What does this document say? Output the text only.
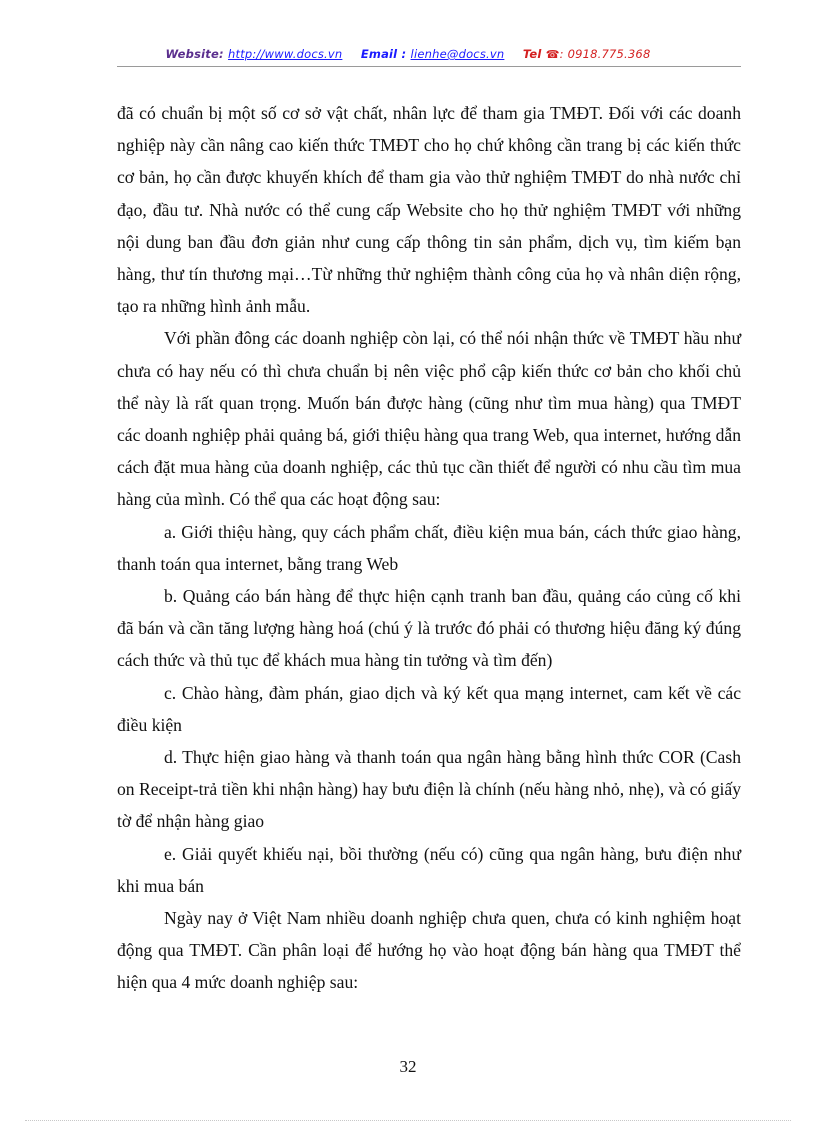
Website: http://www.docs.vn Email : lienhe@docs.vn Tel ☎: 0918.775.368

đã có chuẩn bị một số cơ sở vật chất, nhân lực để tham gia TMĐT. Đối với các doanh nghiệp này cần nâng cao kiến thức TMĐT cho họ chứ không cần trang bị các kiến thức cơ bản, họ cần được khuyến khích để tham gia vào thử nghiệm TMĐT do nhà nước chỉ đạo, đầu tư. Nhà nước có thể cung cấp Website cho họ thử nghiệm TMĐT với những nội dung ban đầu đơn giản như cung cấp thông tin sản phẩm, dịch vụ, tìm kiếm bạn hàng, thư tín thương mại…Từ những thử nghiệm thành công của họ và nhân diện rộng, tạo ra những hình ảnh mẫu.

Với phần đông các doanh nghiệp còn lại, có thể nói nhận thức về TMĐT hầu như chưa có hay nếu có thì chưa chuẩn bị nên việc phổ cập kiến thức cơ bản cho khối chủ thể này là rất quan trọng. Muốn bán được hàng (cũng như tìm mua hàng) qua TMĐT các doanh nghiệp phải quảng bá, giới thiệu hàng qua trang Web, qua internet, hướng dẫn cách đặt mua hàng của doanh nghiệp, các thủ tục cần thiết để người có nhu cầu tìm mua hàng của mình. Có thể qua các hoạt động sau:

a. Giới thiệu hàng, quy cách phẩm chất, điều kiện mua bán, cách thức giao hàng, thanh toán qua internet, bằng trang Web

b. Quảng cáo bán hàng để thực hiện cạnh tranh ban đầu, quảng cáo củng cố khi đã bán và cần tăng lượng hàng hoá (chú ý là trước đó phải có thương hiệu đăng ký đúng cách thức và thủ tục để khách mua hàng tin tưởng và tìm đến)

c. Chào hàng, đàm phán, giao dịch và ký kết qua mạng internet, cam kết về các điều kiện

d. Thực hiện giao hàng và thanh toán qua ngân hàng bằng hình thức COR (Cash on Receipt-trả tiền khi nhận hàng) hay bưu điện là chính (nếu hàng nhỏ, nhẹ), và có giấy tờ để nhận hàng giao

e. Giải quyết khiếu nại, bồi thường (nếu có) cũng qua ngân hàng, bưu điện như khi mua bán

Ngày nay ở Việt Nam nhiều doanh nghiệp chưa quen, chưa có kinh nghiệm hoạt động qua TMĐT. Cần phân loại để hướng họ vào hoạt động bán hàng qua TMĐT thể hiện qua 4 mức doanh nghiệp sau:

32
